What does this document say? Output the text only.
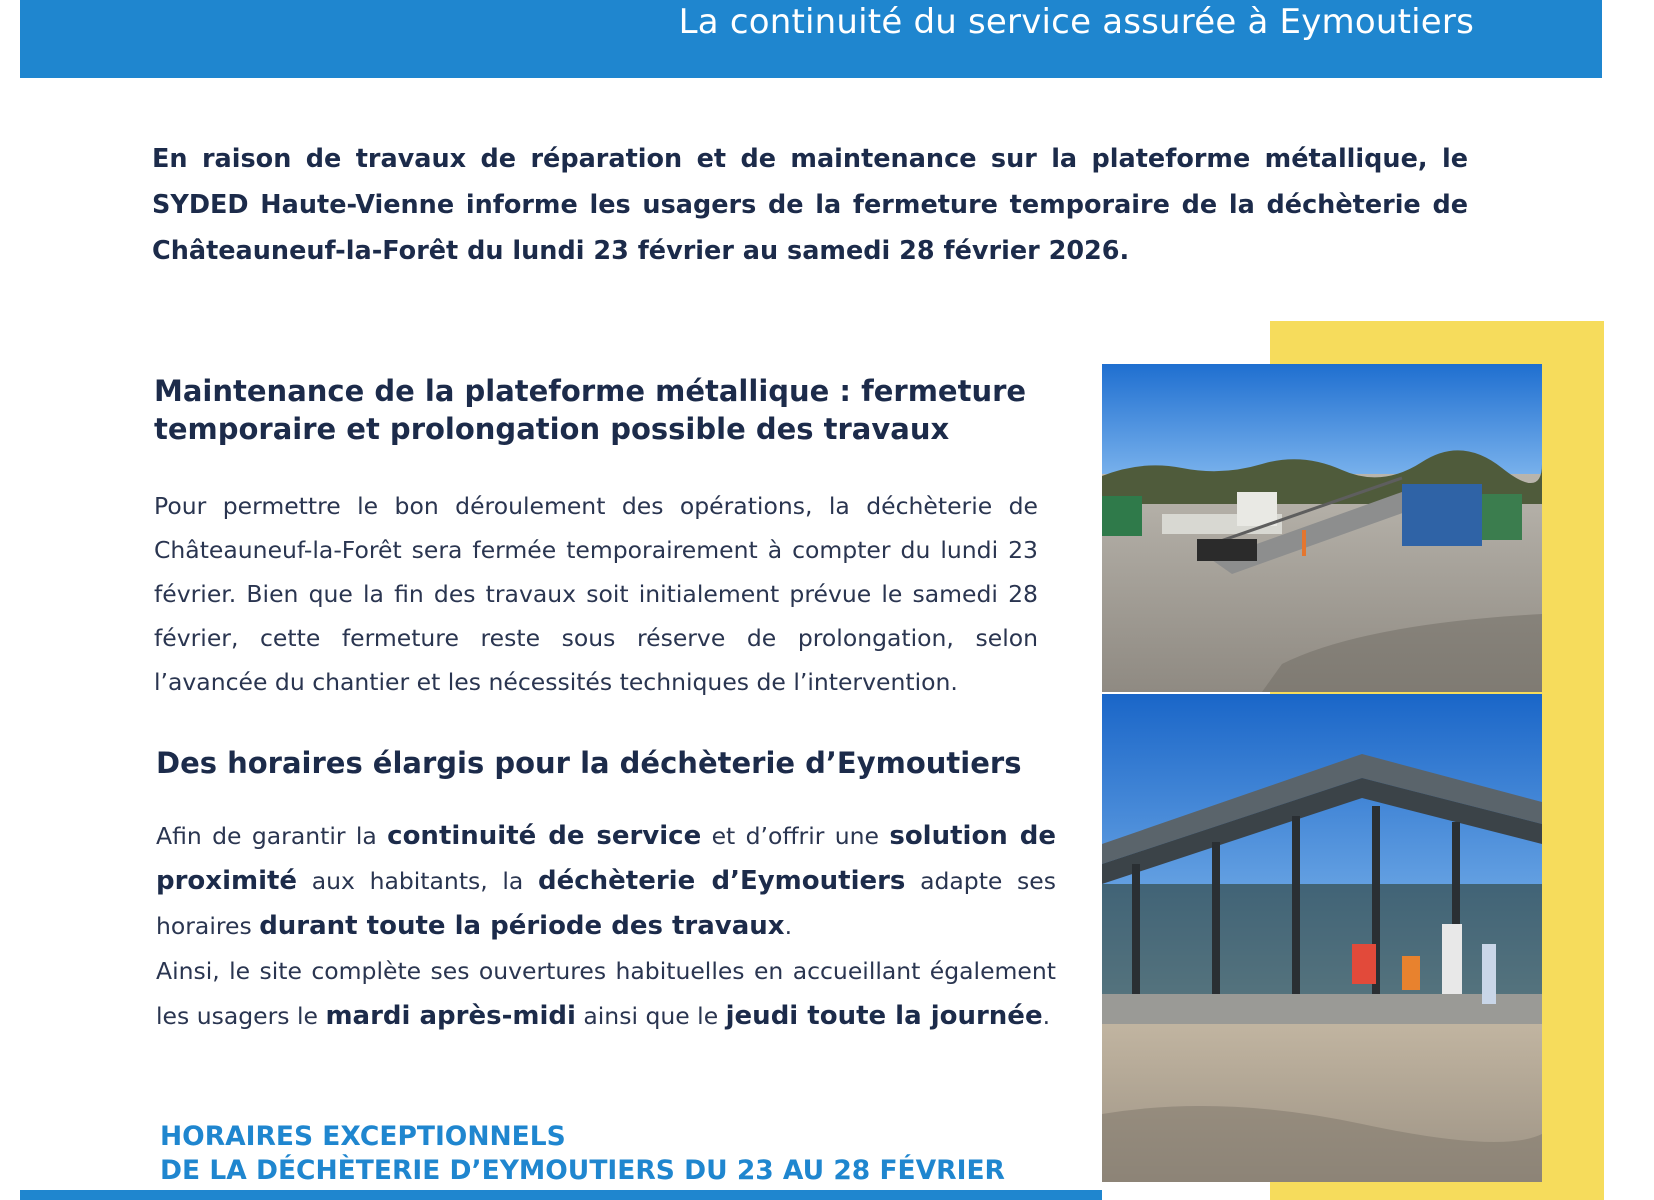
La continuité du service assurée à Eymoutiers
En raison de travaux de réparation et de maintenance sur la plateforme métallique, le SYDED Haute-Vienne informe les usagers de la fermeture temporaire de la déchèterie de Châteauneuf-la-Forêt du lundi 23 février au samedi 28 février 2026.
Maintenance de la plateforme métallique : fermeture temporaire et prolongation possible des travaux
Pour permettre le bon déroulement des opérations, la déchèterie de Châteauneuf-la-Forêt sera fermée temporairement à compter du lundi 23 février. Bien que la fin des travaux soit initialement prévue le samedi 28 février, cette fermeture reste sous réserve de prolongation, selon l’avancée du chantier et les nécessités techniques de l’intervention.
Des horaires élargis pour la déchèterie d’Eymoutiers
Afin de garantir la continuité de service et d’offrir une solution de proximité aux habitants, la déchèterie d’Eymoutiers adapte ses horaires durant toute la période des travaux.
Ainsi, le site complète ses ouvertures habituelles en accueillant également les usagers le mardi après-midi ainsi que le jeudi toute la journée.
HORAIRES EXCEPTIONNELS
DE LA DÉCHÈTERIE D’EYMOUTIERS DU 23 AU 28 FÉVRIER
